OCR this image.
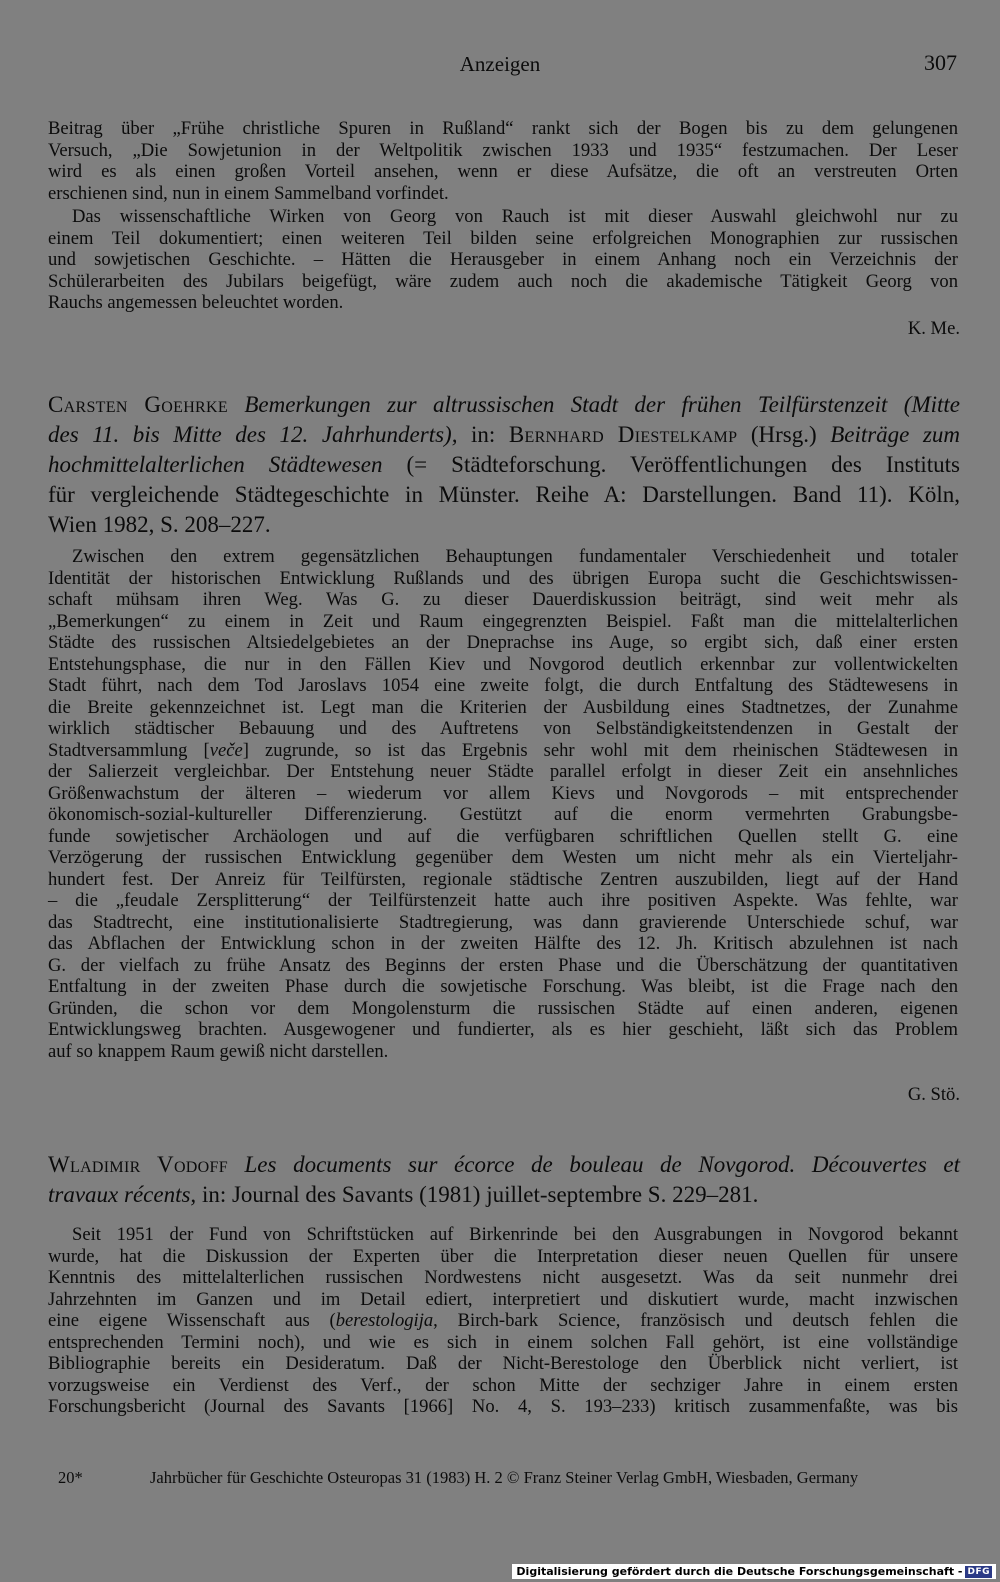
Anzeigen	307
Beitrag über „Frühe christliche Spuren in Rußland“ rankt sich der Bogen bis zu dem gelungenen
Versuch, „Die Sowjetunion in der Weltpolitik zwischen 1933 und 1935“ festzumachen. Der Leser
wird es als einen großen Vorteil ansehen, wenn er diese Aufsätze, die oft an verstreuten Orten
erschienen sind, nun in einem Sammelband vorfindet.
Das wissenschaftliche Wirken von Georg von Rauch ist mit dieser Auswahl gleichwohl nur zu
einem Teil dokumentiert; einen weiteren Teil bilden seine erfolgreichen Monographien zur russischen
und sowjetischen Geschichte. – Hätten die Herausgeber in einem Anhang noch ein Verzeichnis der
Schülerarbeiten des Jubilars beigefügt, wäre zudem auch noch die akademische Tätigkeit Georg von
Rauchs angemessen beleuchtet worden.
K. Me.
Carsten Goehrke Bemerkungen zur altrussischen Stadt der frühen Teilfürstenzeit (Mitte
des 11. bis Mitte des 12. Jahrhunderts), in: Bernhard Diestelkamp (Hrsg.) Beiträge zum
hochmittelalterlichen Städtewesen (= Städteforschung. Veröffentlichungen des Instituts
für vergleichende Städtegeschichte in Münster. Reihe A: Darstellungen. Band 11). Köln,
Wien 1982, S. 208–227.
Zwischen den extrem gegensätzlichen Behauptungen fundamentaler Verschiedenheit und totaler
Identität der historischen Entwicklung Rußlands und des übrigen Europa sucht die Geschichtswissen-
schaft mühsam ihren Weg. Was G. zu dieser Dauerdiskussion beiträgt, sind weit mehr als
„Bemerkungen“ zu einem in Zeit und Raum eingegrenzten Beispiel. Faßt man die mittelalterlichen
Städte des russischen Altsiedelgebietes an der Dneprachse ins Auge, so ergibt sich, daß einer ersten
Entstehungsphase, die nur in den Fällen Kiev und Novgorod deutlich erkennbar zur vollentwickelten
Stadt führt, nach dem Tod Jaroslavs 1054 eine zweite folgt, die durch Entfaltung des Städtewesens in
die Breite gekennzeichnet ist. Legt man die Kriterien der Ausbildung eines Stadtnetzes, der Zunahme
wirklich städtischer Bebauung und des Auftretens von Selbständigkeitstendenzen in Gestalt der
Stadtversammlung [veče] zugrunde, so ist das Ergebnis sehr wohl mit dem rheinischen Städtewesen in
der Salierzeit vergleichbar. Der Entstehung neuer Städte parallel erfolgt in dieser Zeit ein ansehnliches
Größenwachstum der älteren – wiederum vor allem Kievs und Novgorods – mit entsprechender
ökonomisch-sozial-kultureller Differenzierung. Gestützt auf die enorm vermehrten Grabungsbe-
funde sowjetischer Archäologen und auf die verfügbaren schriftlichen Quellen stellt G. eine
Verzögerung der russischen Entwicklung gegenüber dem Westen um nicht mehr als ein Vierteljahr-
hundert fest. Der Anreiz für Teilfürsten, regionale städtische Zentren auszubilden, liegt auf der Hand
– die „feudale Zersplitterung“ der Teilfürstenzeit hatte auch ihre positiven Aspekte. Was fehlte, war
das Stadtrecht, eine institutionalisierte Stadtregierung, was dann gravierende Unterschiede schuf, war
das Abflachen der Entwicklung schon in der zweiten Hälfte des 12. Jh. Kritisch abzulehnen ist nach
G. der vielfach zu frühe Ansatz des Beginns der ersten Phase und die Überschätzung der quantitativen
Entfaltung in der zweiten Phase durch die sowjetische Forschung. Was bleibt, ist die Frage nach den
Gründen, die schon vor dem Mongolensturm die russischen Städte auf einen anderen, eigenen
Entwicklungsweg brachten. Ausgewogener und fundierter, als es hier geschieht, läßt sich das Problem
auf so knappem Raum gewiß nicht darstellen.
G. Stö.
Wladimir Vodoff Les documents sur écorce de bouleau de Novgorod. Découvertes et
travaux récents, in: Journal des Savants (1981) juillet-septembre S. 229–281.
Seit 1951 der Fund von Schriftstücken auf Birkenrinde bei den Ausgrabungen in Novgorod bekannt
wurde, hat die Diskussion der Experten über die Interpretation dieser neuen Quellen für unsere
Kenntnis des mittelalterlichen russischen Nordwestens nicht ausgesetzt. Was da seit nunmehr drei
Jahrzehnten im Ganzen und im Detail ediert, interpretiert und diskutiert wurde, macht inzwischen
eine eigene Wissenschaft aus (berestologija, Birch-bark Science, französisch und deutsch fehlen die
entsprechenden Termini noch), und wie es sich in einem solchen Fall gehört, ist eine vollständige
Bibliographie bereits ein Desideratum. Daß der Nicht-Berestologe den Überblick nicht verliert, ist
vorzugsweise ein Verdienst des Verf., der schon Mitte der sechziger Jahre in einem ersten
Forschungsbericht (Journal des Savants [1966] No. 4, S. 193–233) kritisch zusammenfaßte, was bis
20*	Jahrbücher für Geschichte Osteuropas 31 (1983) H. 2 © Franz Steiner Verlag GmbH, Wiesbaden, Germany
Digitalisierung gefördert durch die Deutsche Forschungsgemeinschaft - DFG
